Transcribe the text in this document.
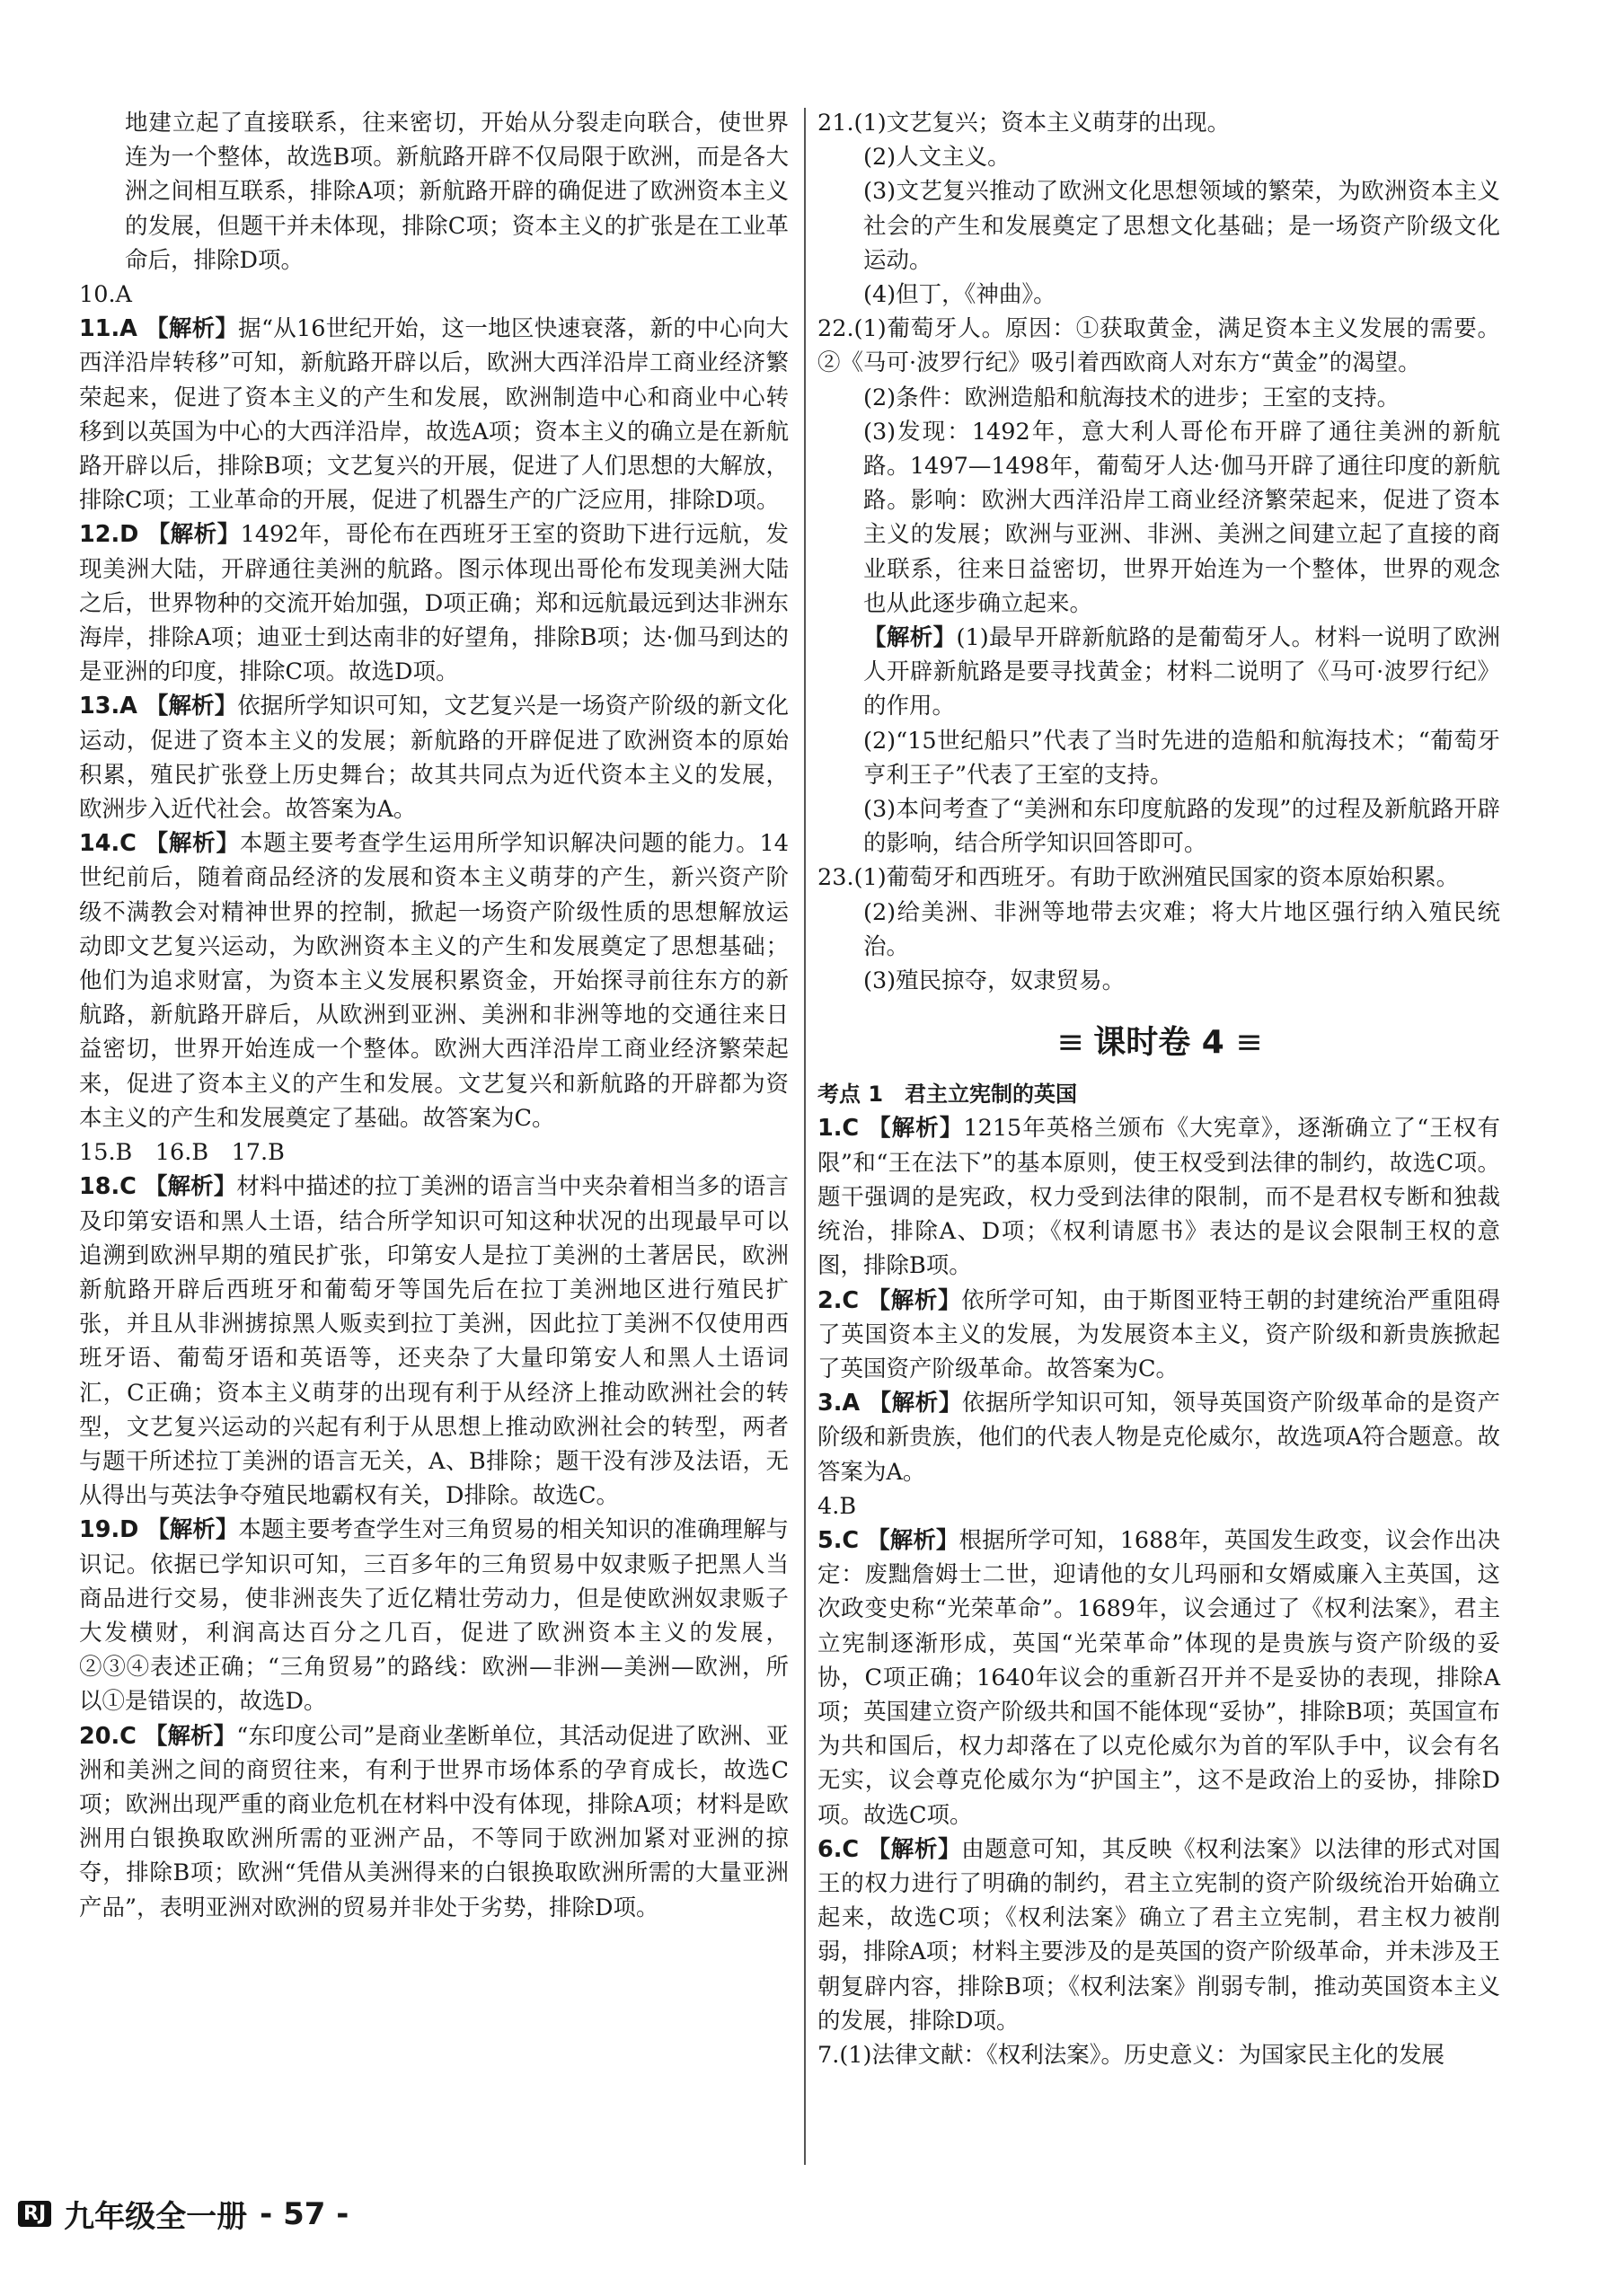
地建立起了直接联系，往来密切，开始从分裂走向联合，使世界连为一个整体，故选B项。新航路开辟不仅局限于欧洲，而是各大洲之间相互联系，排除A项；新航路开辟的确促进了欧洲资本主义的发展，但题干并未体现，排除C项；资本主义的扩张是在工业革命后，排除D项。

10.A

11.A 【解析】据“从16世纪开始，这一地区快速衰落，新的中心向大西洋沿岸转移”可知，新航路开辟以后，欧洲大西洋沿岸工商业经济繁荣起来，促进了资本主义的产生和发展，欧洲制造中心和商业中心转移到以英国为中心的大西洋沿岸，故选A项；资本主义的确立是在新航路开辟以后，排除B项；文艺复兴的开展，促进了人们思想的大解放，排除C项；工业革命的开展，促进了机器生产的广泛应用，排除D项。

12.D 【解析】1492年，哥伦布在西班牙王室的资助下进行远航，发现美洲大陆，开辟通往美洲的航路。图示体现出哥伦布发现美洲大陆之后，世界物种的交流开始加强，D项正确；郑和远航最远到达非洲东海岸，排除A项；迪亚士到达南非的好望角，排除B项；达·伽马到达的是亚洲的印度，排除C项。故选D项。

13.A 【解析】依据所学知识可知，文艺复兴是一场资产阶级的新文化运动，促进了资本主义的发展；新航路的开辟促进了欧洲资本的原始积累，殖民扩张登上历史舞台；故其共同点为近代资本主义的发展，欧洲步入近代社会。故答案为A。

14.C 【解析】本题主要考查学生运用所学知识解决问题的能力。14世纪前后，随着商品经济的发展和资本主义萌芽的产生，新兴资产阶级不满教会对精神世界的控制，掀起一场资产阶级性质的思想解放运动即文艺复兴运动，为欧洲资本主义的产生和发展奠定了思想基础；他们为追求财富，为资本主义发展积累资金，开始探寻前往东方的新航路，新航路开辟后，从欧洲到亚洲、美洲和非洲等地的交通往来日益密切，世界开始连成一个整体。欧洲大西洋沿岸工商业经济繁荣起来，促进了资本主义的产生和发展。文艺复兴和新航路的开辟都为资本主义的产生和发展奠定了基础。故答案为C。

15.B　16.B　17.B

18.C 【解析】材料中描述的拉丁美洲的语言当中夹杂着相当多的语言及印第安语和黑人土语，结合所学知识可知这种状况的出现最早可以追溯到欧洲早期的殖民扩张，印第安人是拉丁美洲的土著居民，欧洲新航路开辟后西班牙和葡萄牙等国先后在拉丁美洲地区进行殖民扩张，并且从非洲掳掠黑人贩卖到拉丁美洲，因此拉丁美洲不仅使用西班牙语、葡萄牙语和英语等，还夹杂了大量印第安人和黑人土语词汇，C正确；资本主义萌芽的出现有利于从经济上推动欧洲社会的转型，文艺复兴运动的兴起有利于从思想上推动欧洲社会的转型，两者与题干所述拉丁美洲的语言无关，A、B排除；题干没有涉及法语，无从得出与英法争夺殖民地霸权有关，D排除。故选C。

19.D 【解析】本题主要考查学生对三角贸易的相关知识的准确理解与识记。依据已学知识可知，三百多年的三角贸易中奴隶贩子把黑人当商品进行交易，使非洲丧失了近亿精壮劳动力，但是使欧洲奴隶贩子大发横财，利润高达百分之几百，促进了欧洲资本主义的发展，②③④表述正确；“三角贸易”的路线：欧洲—非洲—美洲—欧洲，所以①是错误的，故选D。

20.C 【解析】“东印度公司”是商业垄断单位，其活动促进了欧洲、亚洲和美洲之间的商贸往来，有利于世界市场体系的孕育成长，故选C项；欧洲出现严重的商业危机在材料中没有体现，排除A项；材料是欧洲用白银换取欧洲所需的亚洲产品，不等同于欧洲加紧对亚洲的掠夺，排除B项；欧洲“凭借从美洲得来的白银换取欧洲所需的大量亚洲产品”，表明亚洲对欧洲的贸易并非处于劣势，排除D项。

21.(1)文艺复兴；资本主义萌芽的出现。

(2)人文主义。

(3)文艺复兴推动了欧洲文化思想领域的繁荣，为欧洲资本主义社会的产生和发展奠定了思想文化基础；是一场资产阶级文化运动。

(4)但丁，《神曲》。

22.(1)葡萄牙人。原因：①获取黄金，满足资本主义发展的需要。②《马可·波罗行纪》吸引着西欧商人对东方“黄金”的渴望。

(2)条件：欧洲造船和航海技术的进步；王室的支持。

(3)发现：1492年，意大利人哥伦布开辟了通往美洲的新航路。1497—1498年，葡萄牙人达·伽马开辟了通往印度的新航路。影响：欧洲大西洋沿岸工商业经济繁荣起来，促进了资本主义的发展；欧洲与亚洲、非洲、美洲之间建立起了直接的商业联系，往来日益密切，世界开始连为一个整体，世界的观念也从此逐步确立起来。

【解析】(1)最早开辟新航路的是葡萄牙人。材料一说明了欧洲人开辟新航路是要寻找黄金；材料二说明了《马可·波罗行纪》的作用。

(2)“15世纪船只”代表了当时先进的造船和航海技术；“葡萄牙亨利王子”代表了王室的支持。

(3)本问考查了“美洲和东印度航路的发现”的过程及新航路开辟的影响，结合所学知识回答即可。

23.(1)葡萄牙和西班牙。有助于欧洲殖民国家的资本原始积累。

(2)给美洲、非洲等地带去灾难；将大片地区强行纳入殖民统治。

(3)殖民掠夺，奴隶贸易。

≡ 课时卷 4 ≡
考点 1　君主立宪制的英国

1.C 【解析】1215年英格兰颁布《大宪章》，逐渐确立了“王权有限”和“王在法下”的基本原则，使王权受到法律的制约，故选C项。题干强调的是宪政，权力受到法律的限制，而不是君权专断和独裁统治，排除A、D项；《权利请愿书》表达的是议会限制王权的意图，排除B项。

2.C 【解析】依所学可知，由于斯图亚特王朝的封建统治严重阻碍了英国资本主义的发展，为发展资本主义，资产阶级和新贵族掀起了英国资产阶级革命。故答案为C。

3.A 【解析】依据所学知识可知，领导英国资产阶级革命的是资产阶级和新贵族，他们的代表人物是克伦威尔，故选项A符合题意。故答案为A。

4.B

5.C 【解析】根据所学可知，1688年，英国发生政变，议会作出决定：废黜詹姆士二世，迎请他的女儿玛丽和女婿威廉入主英国，这次政变史称“光荣革命”。1689年，议会通过了《权利法案》，君主立宪制逐渐形成，英国“光荣革命”体现的是贵族与资产阶级的妥协，C项正确；1640年议会的重新召开并不是妥协的表现，排除A项；英国建立资产阶级共和国不能体现“妥协”，排除B项；英国宣布为共和国后，权力却落在了以克伦威尔为首的军队手中，议会有名无实，议会尊克伦威尔为“护国主”，这不是政治上的妥协，排除D项。故选C项。

6.C 【解析】由题意可知，其反映《权利法案》以法律的形式对国王的权力进行了明确的制约，君主立宪制的资产阶级统治开始确立起来，故选C项；《权利法案》确立了君主立宪制，君主权力被削弱，排除A项；材料主要涉及的是英国的资产阶级革命，并未涉及王朝复辟内容，排除B项；《权利法案》削弱专制，推动英国资本主义的发展，排除D项。

7.(1)法律文献：《权利法案》。历史意义：为国家民主化的发展

RJ 九年级全一册 - 57 -
